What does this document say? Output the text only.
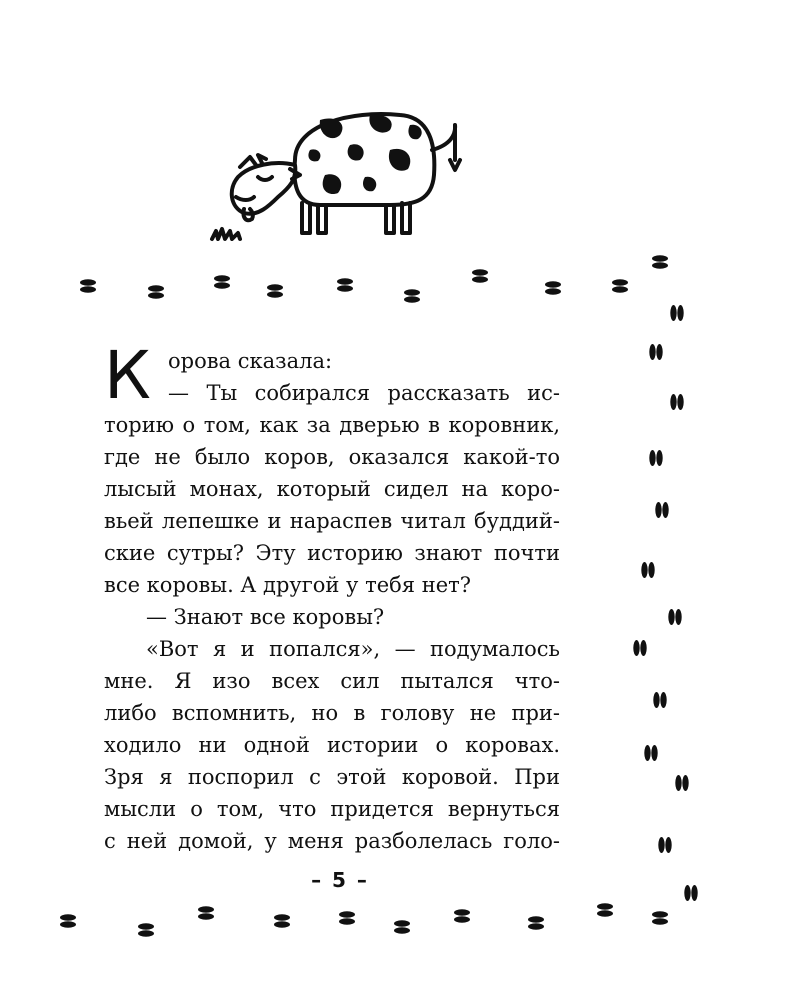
К орова сказала:
— Ты собирался рассказать ис-
торию о том, как за дверью в коровник,
где не было коров, оказался какой-то
лысый монах, который сидел на коро-
вьей лепешке и нараспев читал буддий-
ские сутры? Эту историю знают почти
все коровы. А другой у тебя нет?
— Знают все коровы?
«Вот я и попался», — подумалось
мне. Я изо всех сил пытался что-
либо вспомнить, но в голову не при-
ходило ни одной истории о коровах.
Зря я поспорил с этой коровой. При
мысли о том, что придется вернуться
с ней домой, у меня разболелась голо-
– 5 –
